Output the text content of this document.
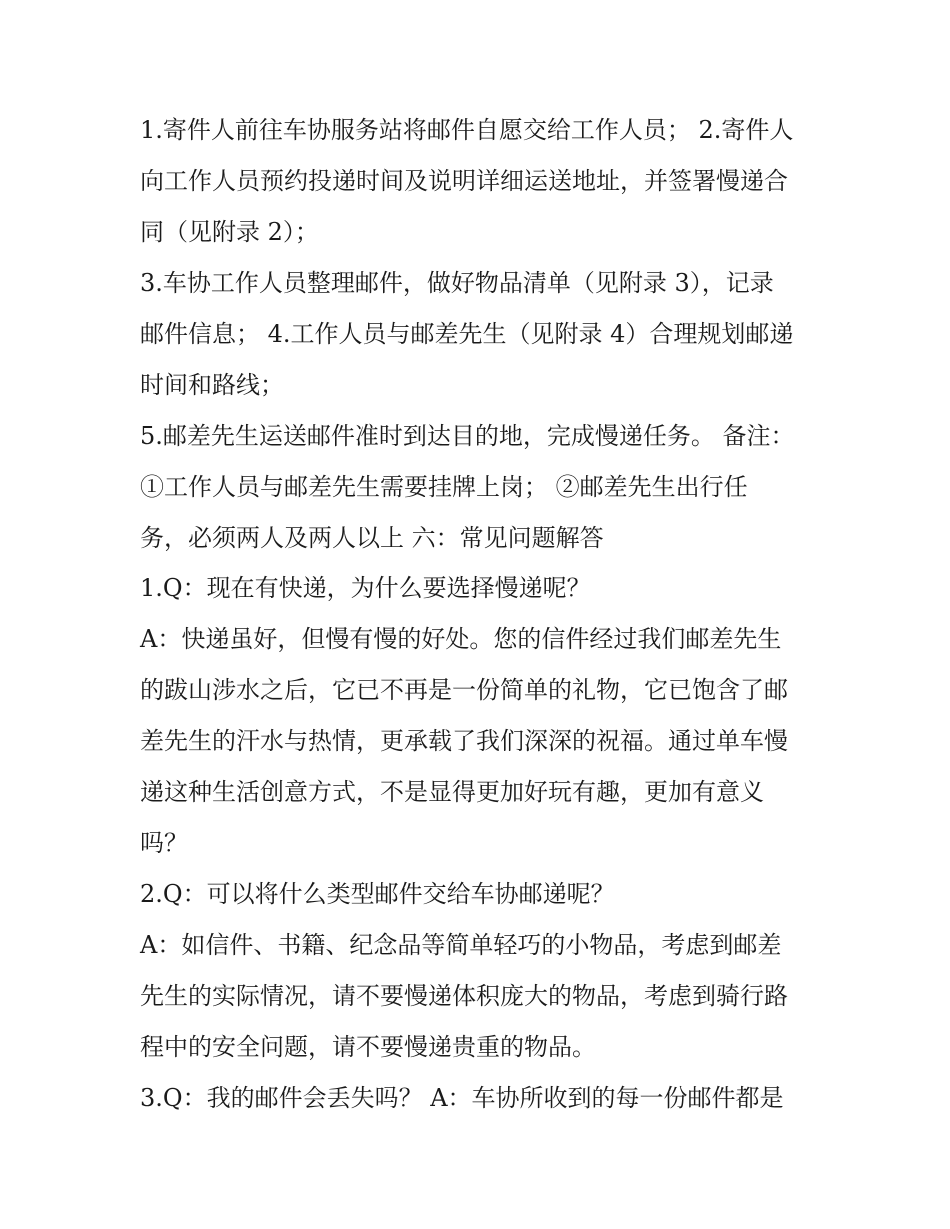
1.寄件人前往车协服务站将邮件自愿交给工作人员； 2.寄件人

向工作人员预约投递时间及说明详细运送地址，并签署慢递合

同（见附录 2）；

3.车协工作人员整理邮件，做好物品清单（见附录 3），记录

邮件信息； 4.工作人员与邮差先生（见附录 4）合理规划邮递

时间和路线；

5.邮差先生运送邮件准时到达目的地，完成慢递任务。 备注：

①工作人员与邮差先生需要挂牌上岗； ②邮差先生出行任

务，必须两人及两人以上 六：常见问题解答

1.Q：现在有快递，为什么要选择慢递呢？

A：快递虽好，但慢有慢的好处。您的信件经过我们邮差先生

的跋山涉水之后，它已不再是一份简单的礼物，它已饱含了邮

差先生的汗水与热情，更承载了我们深深的祝福。通过单车慢

递这种生活创意方式，不是显得更加好玩有趣，更加有意义

吗？

2.Q：可以将什么类型邮件交给车协邮递呢？

A：如信件、书籍、纪念品等简单轻巧的小物品，考虑到邮差

先生的实际情况，请不要慢递体积庞大的物品，考虑到骑行路

程中的安全问题，请不要慢递贵重的物品。

3.Q：我的邮件会丢失吗？ A：车协所收到的每一份邮件都是
